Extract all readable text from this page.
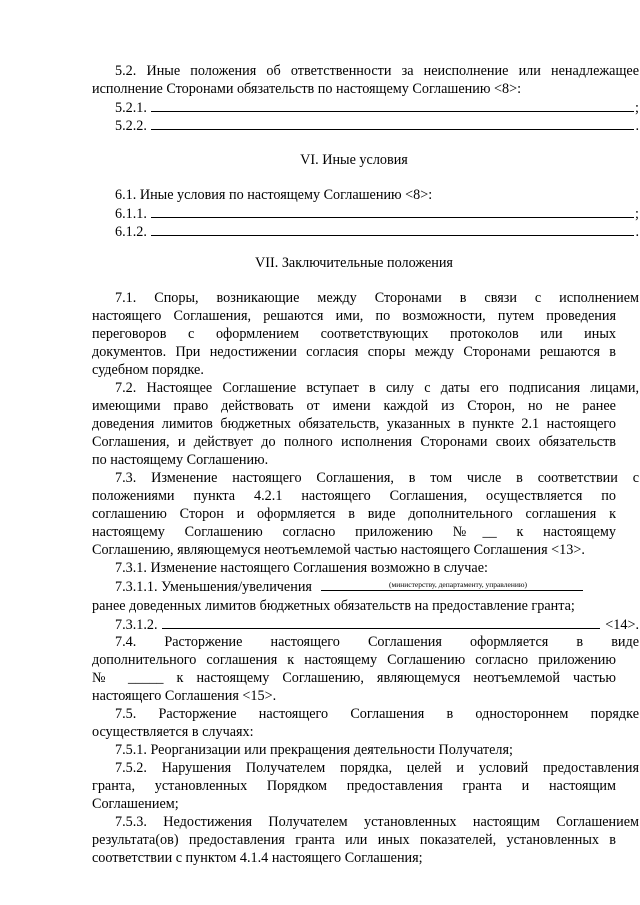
5.2. Иные положения об ответственности за неисполнение или ненадлежащее
исполнение Сторонами обязательств по настоящему Соглашению <8>:
5.2.1.	;
5.2.2.	.
VI. Иные условия
6.1. Иные условия по настоящему Соглашению <8>:
6.1.1.	;
6.1.2.	.
VII. Заключительные положения
7.1. Споры, возникающие между Сторонами в связи с исполнением
настоящего Соглашения, решаются ими, по возможности, путем проведения
переговоров с оформлением соответствующих протоколов или иных
документов. При недостижении согласия споры между Сторонами решаются в
судебном порядке.
7.2. Настоящее Соглашение вступает в силу с даты его подписания лицами,
имеющими право действовать от имени каждой из Сторон, но не ранее
доведения лимитов бюджетных обязательств, указанных в пункте 2.1 настоящего
Соглашения, и действует до полного исполнения Сторонами своих обязательств
по настоящему Соглашению.
7.3. Изменение настоящего Соглашения, в том числе в соответствии с
положениями пункта 4.2.1 настоящего Соглашения, осуществляется по
соглашению Сторон и оформляется в виде дополнительного соглашения к
настоящему Соглашению согласно приложению №__ к настоящему
Соглашению, являющемуся неотъемлемой частью настоящего Соглашения <13>.
7.3.1. Изменение настоящего Соглашения возможно в случае:
7.3.1.1. Уменьшения/увеличения	(министерству, департаменту, управлению)
ранее доведенных лимитов бюджетных обязательств на предоставление гранта;
7.3.1.2.	<14>.
7.4. Расторжение настоящего Соглашения оформляется в виде
дополнительного соглашения к настоящему Соглашению согласно приложению
№ _____ к настоящему Соглашению, являющемуся неотъемлемой частью
настоящего Соглашения <15>.
7.5. Расторжение настоящего Соглашения в одностороннем порядке
осуществляется в случаях:
7.5.1. Реорганизации или прекращения деятельности Получателя;
7.5.2. Нарушения Получателем порядка, целей и условий предоставления
гранта, установленных Порядком предоставления гранта и настоящим
Соглашением;
7.5.3. Недостижения Получателем установленных настоящим Соглашением
результата(ов) предоставления гранта или иных показателей, установленных в
соответствии с пунктом 4.1.4 настоящего Соглашения;
